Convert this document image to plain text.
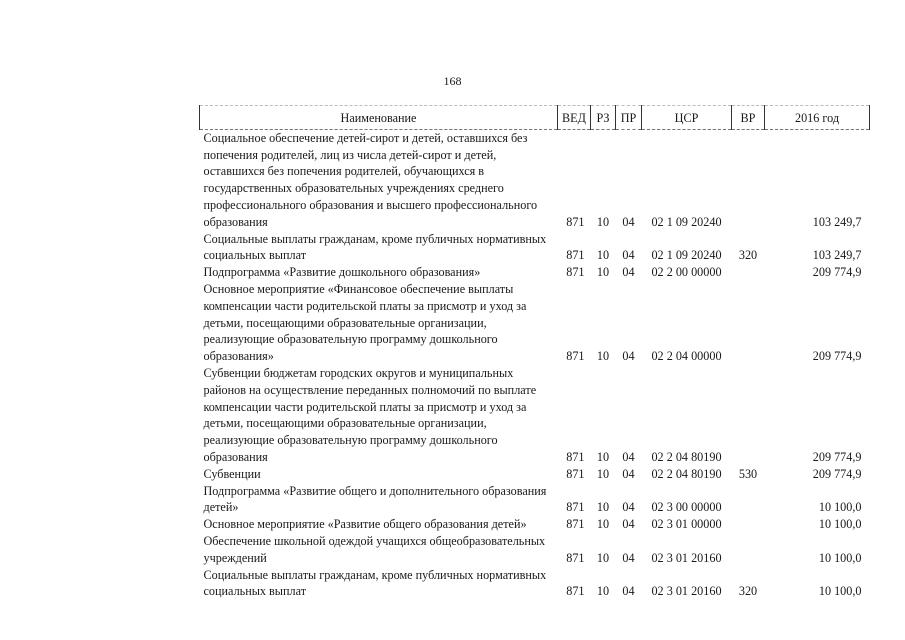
168
Наименование	ВЕД	РЗ	ПР	ЦСР	ВР	2016 год
Социальное обеспечение детей-сирот и детей, оставшихся без попечения родителей, лиц из числа детей-сирот и детей, оставшихся без попечения родителей, обучающихся в государственных образовательных учреждениях среднего профессионального образования и высшего профессионального образования	871	10	04	02 1 09 20240		103 249,7
Социальные выплаты гражданам, кроме публичных нормативных социальных выплат	871	10	04	02 1 09 20240	320	103 249,7
Подпрограмма «Развитие дошкольного образования»	871	10	04	02 2 00 00000		209 774,9
Основное мероприятие «Финансовое обеспечение выплаты компенсации части родительской платы за присмотр и уход за детьми, посещающими образовательные организации, реализующие образовательную программу дошкольного образования»	871	10	04	02 2 04 00000		209 774,9
Субвенции бюджетам городских округов и муниципальных районов на осуществление переданных полномочий по выплате компенсации части родительской платы за присмотр и уход за детьми, посещающими образовательные организации, реализующие образовательную программу дошкольного образования	871	10	04	02 2 04 80190		209 774,9
Субвенции	871	10	04	02 2 04 80190	530	209 774,9
Подпрограмма «Развитие общего и дополнительного образования детей»	871	10	04	02 3 00 00000		10 100,0
Основное мероприятие «Развитие общего образования детей»	871	10	04	02 3 01 00000		10 100,0
Обеспечение школьной одеждой учащихся общеобразовательных учреждений	871	10	04	02 3 01 20160		10 100,0
Социальные выплаты гражданам, кроме публичных нормативных социальных выплат	871	10	04	02 3 01 20160	320	10 100,0
